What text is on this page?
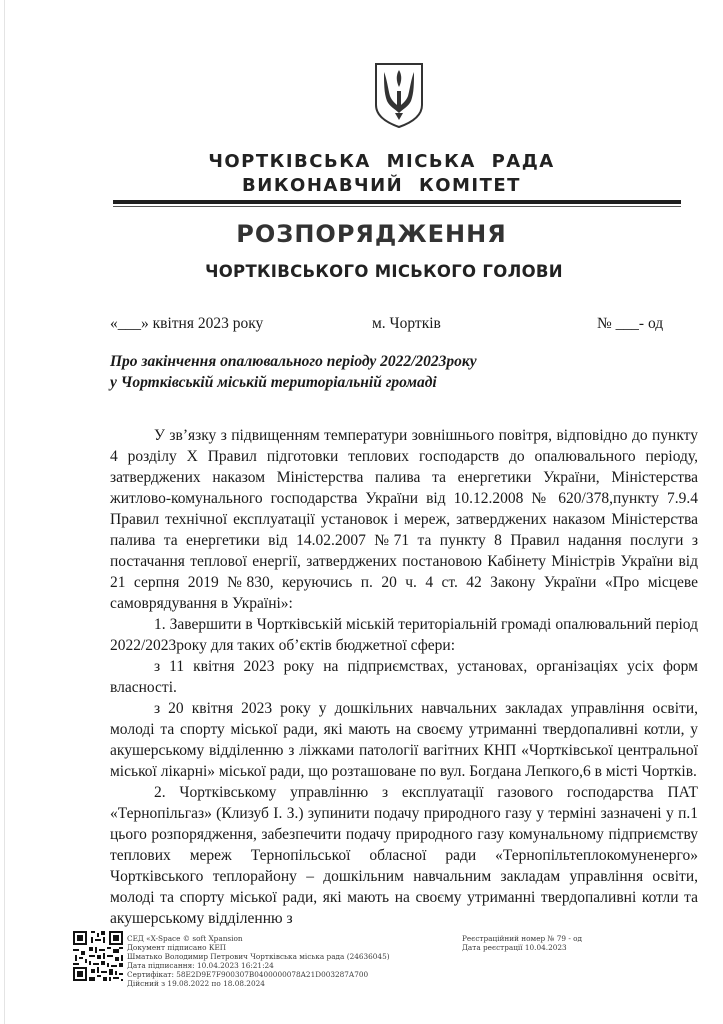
ЧОРТКІВСЬКА МІСЬКА РАДА
ВИКОНАВЧИЙ КОМІТЕТ
РОЗПОРЯДЖЕННЯ
ЧОРТКІВСЬКОГО МІСЬКОГО ГОЛОВИ
«___» квітня 2023 року	м. Чортків	№ ___- од
Про закінчення опалювального періоду 2022/2023року
у Чортківській міській територіальній громаді

У зв’язку з підвищенням температури зовнішнього повітря, відповідно до пункту 4 розділу X Правил підготовки теплових господарств до опалювального періоду, затверджених наказом Міністерства палива та енергетики України, Міністерства житлово-комунального господарства України від 10.12.2008 № 620/378,пункту 7.9.4 Правил технічної експлуатації установок і мереж, затверджених наказом Міністерства палива та енергетики від 14.02.2007 №71 та пункту 8 Правил надання послуги з постачання теплової енергії, затверджених постановою Кабінету Міністрів України від 21 серпня 2019 №830, керуючись п. 20 ч. 4 ст. 42 Закону України «Про місцеве самоврядування в Україні»:

1. Завершити в Чортківській міській територіальній громаді опалювальний період 2022/2023року для таких об’єктів бюджетної сфери:

з 11 квітня 2023 року на підприємствах, установах, організаціях усіх форм власності.

з 20 квітня 2023 року у дошкільних навчальних закладах управління освіти, молоді та спорту міської ради, які мають на своєму утриманні твердопаливні котли, у акушерському відділенню з ліжками патології вагітних КНП «Чортківської центральної міської лікарні» міської ради, що розташоване по вул. Богдана Лепкого,6 в місті Чортків.

2. Чортківському управлінню з експлуатації газового господарства ПАТ «Тернопільгаз» (Клизуб І. З.) зупинити подачу природного газу у терміні зазначені у п.1 цього розпорядження, забезпечити подачу природного газу комунальному підприємству теплових мереж Тернопільської обласної ради «Тернопільтеплокомуненерго» Чортківського теплорайону – дошкільним навчальним закладам управління освіти, молоді та спорту міської ради, які мають на своєму утриманні твердопаливні котли та акушерському відділенню з

СЕД «X-Space © soft Xpansion
Документ підписано КЕП
Шматько Володимир Петрович Чортківська міська рада (24636045)
Дата підписання: 10.04.2023 16:21:24
Сертифікат: 58E2D9E7F900307B0400000078A21D003287A700
Дійсний з 19.08.2022 по 18.08.2024
Реєстраційний номер № 79 - од
Дата реєстрації 10.04.2023
